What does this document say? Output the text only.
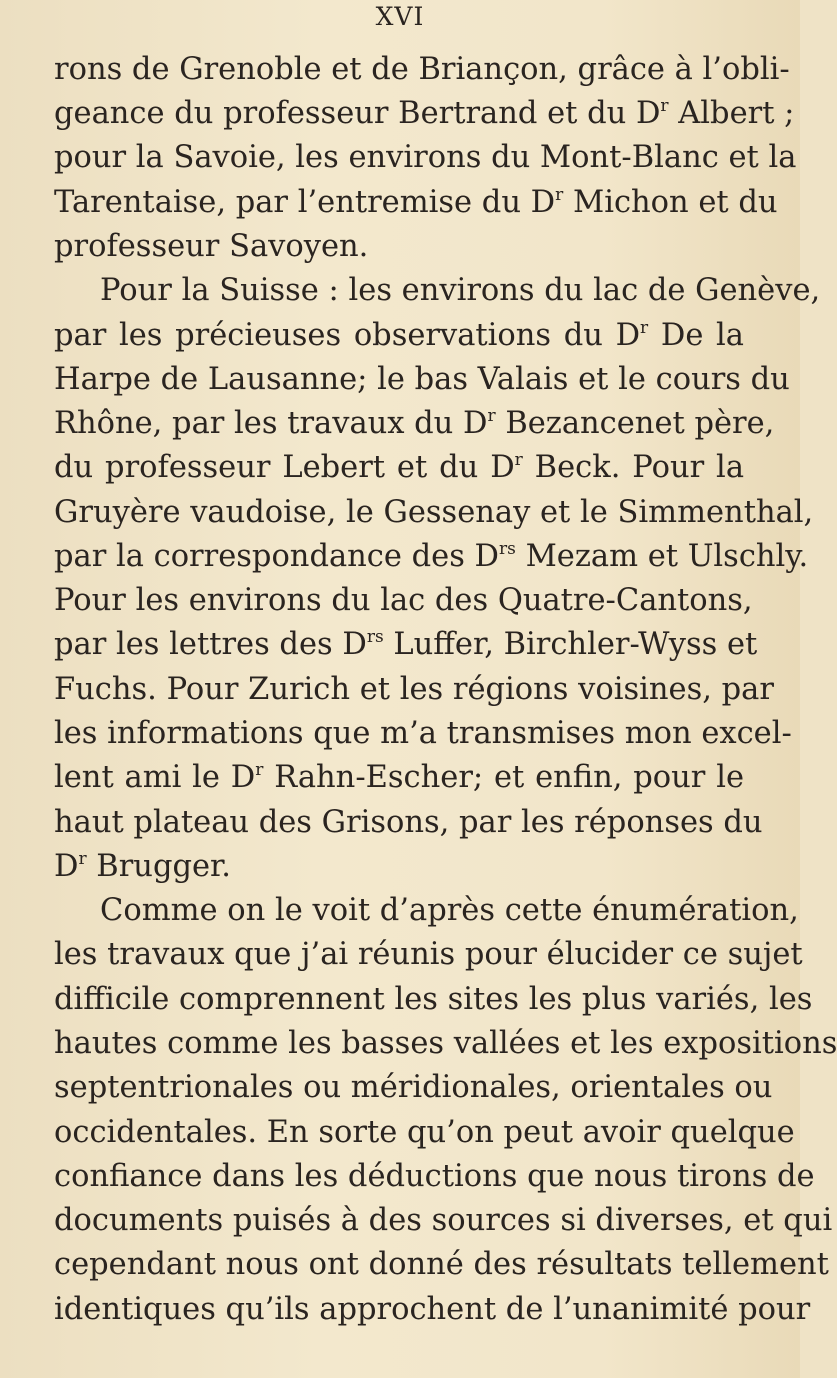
XVI
rons de Grenoble et de Briançon, grâce à l’obli-
geance du professeur Bertrand et du $D^r$ Albert ;
pour la Savoie, les environs du Mont-Blanc et la
Tarentaise, par l’entremise du $D^r$ Michon et du
professeur Savoyen.
Pour la Suisse : les environs du lac de Genève,
par les précieuses observations du $D^r$ De la
Harpe de Lausanne; le bas Valais et le cours du
Rhône, par les travaux du $D^r$ Bezancenet père,
du professeur Lebert et du $D^r$ Beck. Pour la
Gruyère vaudoise, le Gessenay et le Simmenthal,
par la correspondance des $D^{rs}$ Mezam et Ulschly.
Pour les environs du lac des Quatre-Cantons,
par les lettres des $D^{rs}$ Luffer, Birchler-Wyss et
Fuchs. Pour Zurich et les régions voisines, par
les informations que m’a transmises mon excel-
lent ami le $D^r$ Rahn-Escher; et enfin, pour le
haut plateau des Grisons, par les réponses du
$D^r$ Brugger.
Comme on le voit d’après cette énumération,
les travaux que j’ai réunis pour élucider ce sujet
difficile comprennent les sites les plus variés, les
hautes comme les basses vallées et les expositions
septentrionales ou méridionales, orientales ou
occidentales. En sorte qu’on peut avoir quelque
confiance dans les déductions que nous tirons de
documents puisés à des sources si diverses, et qui
cependant nous ont donné des résultats tellement
identiques qu’ils approchent de l’unanimité pour
